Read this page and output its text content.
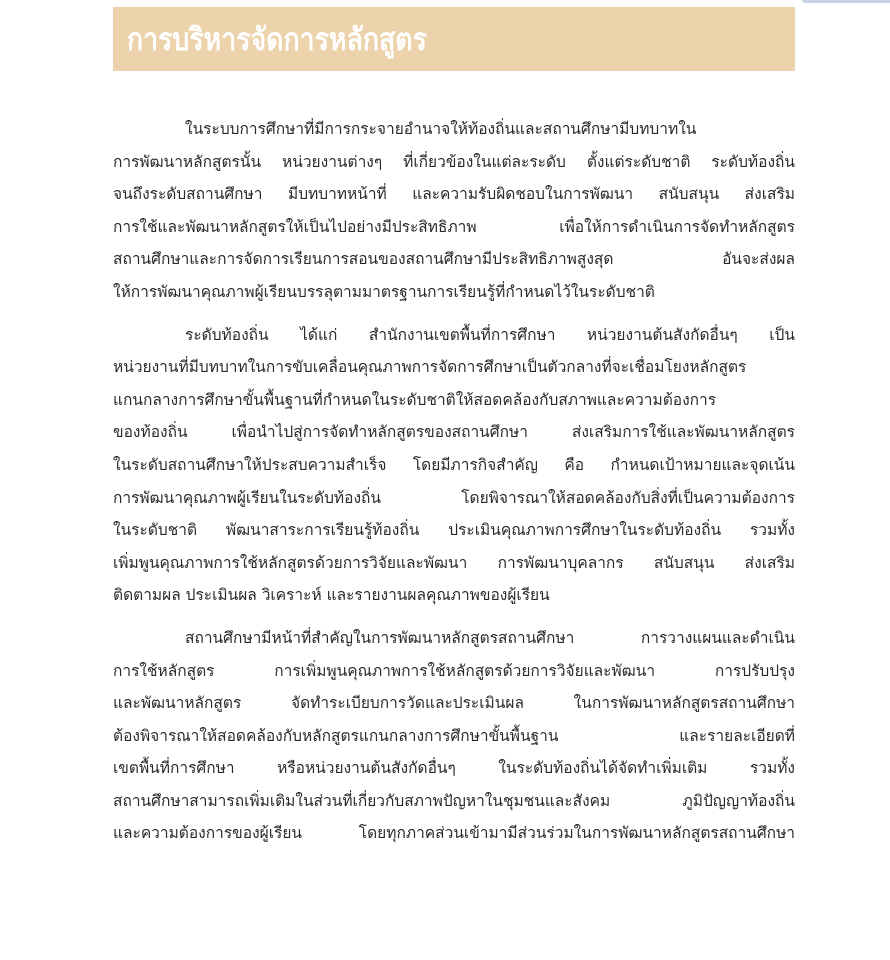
การบริหารจัดการหลักสูตร
ในระบบการศึกษาที่มีการกระจายอำนาจให้ท้องถิ่นและสถานศึกษามีบทบาทใน
การพัฒนาหลักสูตรนั้น หน่วยงานต่างๆ ที่เกี่ยวข้องในแต่ละระดับ ตั้งแต่ระดับชาติ ระดับท้องถิ่น
จนถึงระดับสถานศึกษา มีบทบาทหน้าที่ และความรับผิดชอบในการพัฒนา สนับสนุน ส่งเสริม
การใช้และพัฒนาหลักสูตรให้เป็นไปอย่างมีประสิทธิภาพ เพื่อให้การดำเนินการจัดทำหลักสูตร
สถานศึกษาและการจัดการเรียนการสอนของสถานศึกษามีประสิทธิภาพสูงสุด อันจะส่งผล
ให้การพัฒนาคุณภาพผู้เรียนบรรลุตามมาตรฐานการเรียนรู้ที่กำหนดไว้ในระดับชาติ
ระดับท้องถิ่น ได้แก่ สำนักงานเขตพื้นที่การศึกษา หน่วยงานต้นสังกัดอื่นๆ เป็น
หน่วยงานที่มีบทบาทในการขับเคลื่อนคุณภาพการจัดการศึกษาเป็นตัวกลางที่จะเชื่อมโยงหลักสูตร
แกนกลางการศึกษาขั้นพื้นฐานที่กำหนดในระดับชาติให้สอดคล้องกับสภาพและความต้องการ
ของท้องถิ่น เพื่อนำไปสู่การจัดทำหลักสูตรของสถานศึกษา ส่งเสริมการใช้และพัฒนาหลักสูตร
ในระดับสถานศึกษาให้ประสบความสำเร็จ โดยมีภารกิจสำคัญ คือ กำหนดเป้าหมายและจุดเน้น
การพัฒนาคุณภาพผู้เรียนในระดับท้องถิ่น โดยพิจารณาให้สอดคล้องกับสิ่งที่เป็นความต้องการ
ในระดับชาติ พัฒนาสาระการเรียนรู้ท้องถิ่น ประเมินคุณภาพการศึกษาในระดับท้องถิ่น รวมทั้ง
เพิ่มพูนคุณภาพการใช้หลักสูตรด้วยการวิจัยและพัฒนา การพัฒนาบุคลากร สนับสนุน ส่งเสริม
ติดตามผล ประเมินผล วิเคราะห์ และรายงานผลคุณภาพของผู้เรียน
สถานศึกษามีหน้าที่สำคัญในการพัฒนาหลักสูตรสถานศึกษา การวางแผนและดำเนิน
การใช้หลักสูตร การเพิ่มพูนคุณภาพการใช้หลักสูตรด้วยการวิจัยและพัฒนา การปรับปรุง
และพัฒนาหลักสูตร จัดทำระเบียบการวัดและประเมินผล ในการพัฒนาหลักสูตรสถานศึกษา
ต้องพิจารณาให้สอดคล้องกับหลักสูตรแกนกลางการศึกษาขั้นพื้นฐาน และรายละเอียดที่
เขตพื้นที่การศึกษา หรือหน่วยงานต้นสังกัดอื่นๆ ในระดับท้องถิ่นได้จัดทำเพิ่มเติม รวมทั้ง
สถานศึกษาสามารถเพิ่มเติมในส่วนที่เกี่ยวกับสภาพปัญหาในชุมชนและสังคม ภูมิปัญญาท้องถิ่น
และความต้องการของผู้เรียน โดยทุกภาคส่วนเข้ามามีส่วนร่วมในการพัฒนาหลักสูตรสถานศึกษา
